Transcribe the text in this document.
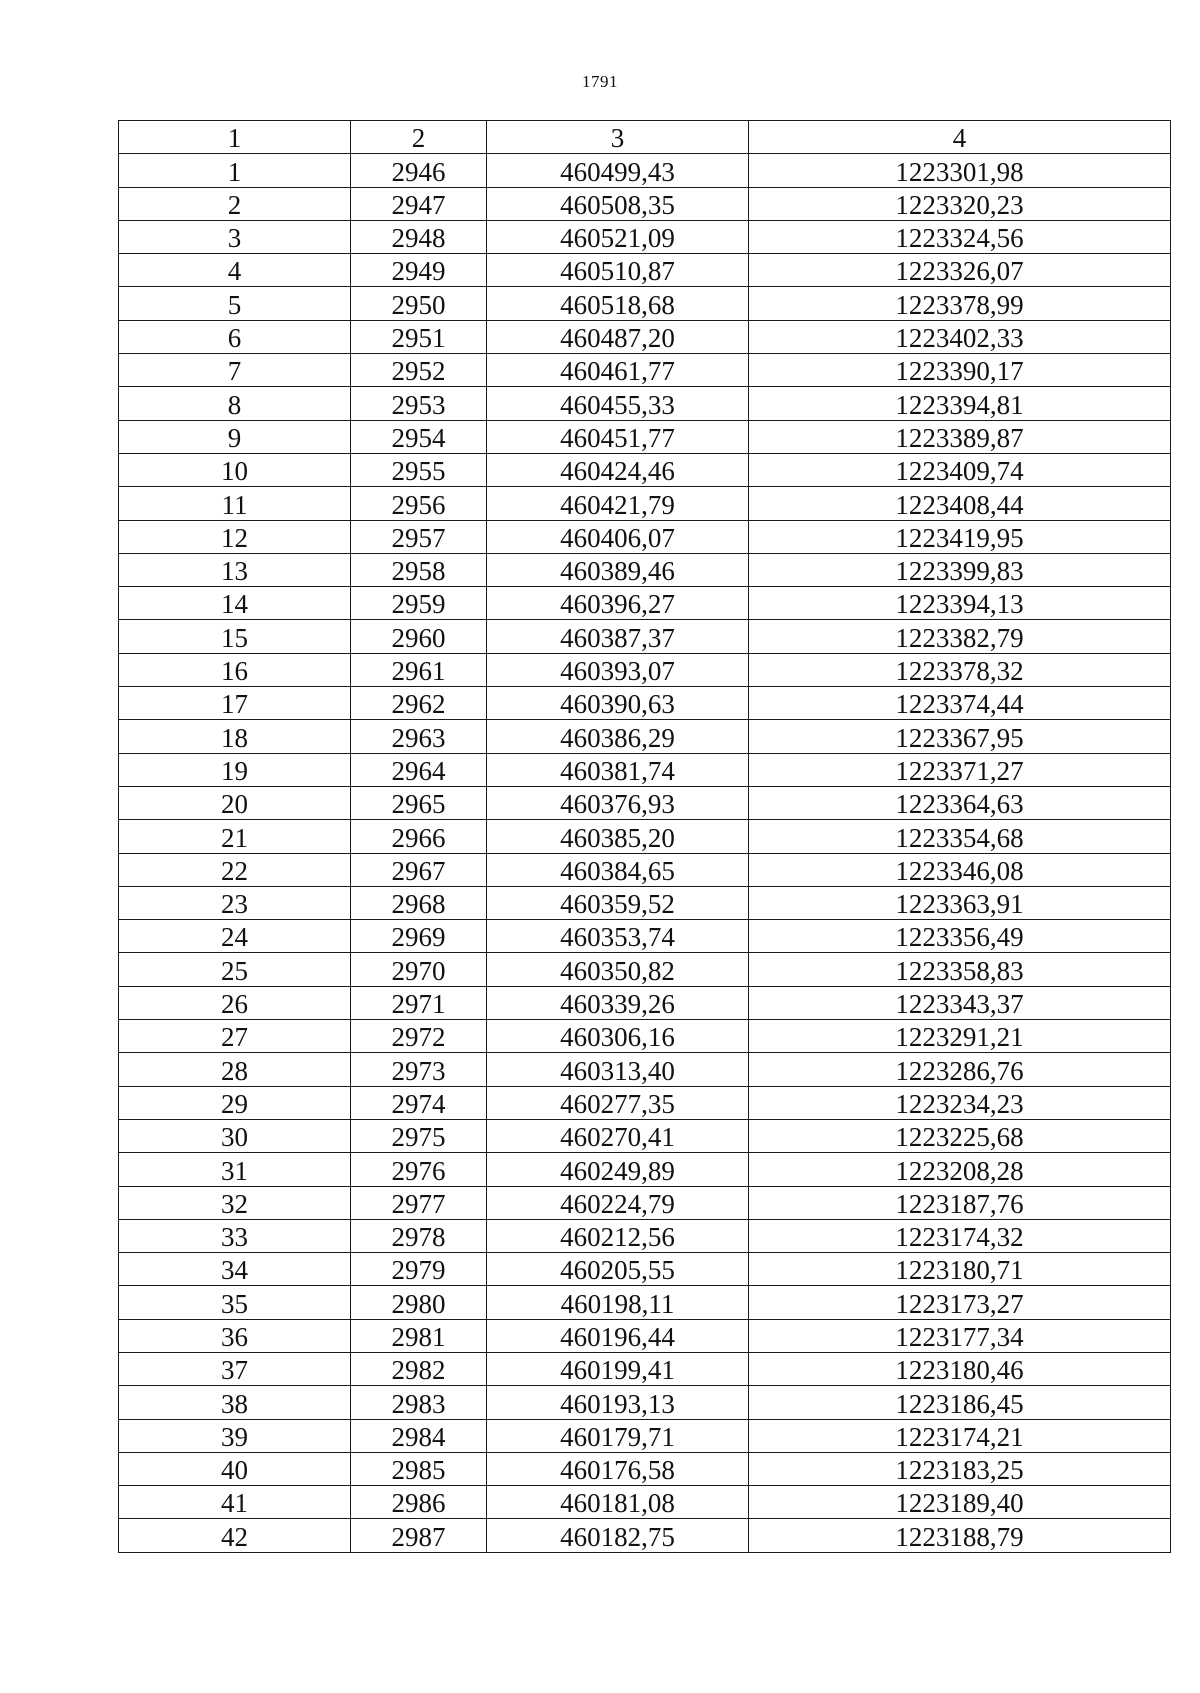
1791
1	2	3	4
1	2946	460499,43	1223301,98
2	2947	460508,35	1223320,23
3	2948	460521,09	1223324,56
4	2949	460510,87	1223326,07
5	2950	460518,68	1223378,99
6	2951	460487,20	1223402,33
7	2952	460461,77	1223390,17
8	2953	460455,33	1223394,81
9	2954	460451,77	1223389,87
10	2955	460424,46	1223409,74
11	2956	460421,79	1223408,44
12	2957	460406,07	1223419,95
13	2958	460389,46	1223399,83
14	2959	460396,27	1223394,13
15	2960	460387,37	1223382,79
16	2961	460393,07	1223378,32
17	2962	460390,63	1223374,44
18	2963	460386,29	1223367,95
19	2964	460381,74	1223371,27
20	2965	460376,93	1223364,63
21	2966	460385,20	1223354,68
22	2967	460384,65	1223346,08
23	2968	460359,52	1223363,91
24	2969	460353,74	1223356,49
25	2970	460350,82	1223358,83
26	2971	460339,26	1223343,37
27	2972	460306,16	1223291,21
28	2973	460313,40	1223286,76
29	2974	460277,35	1223234,23
30	2975	460270,41	1223225,68
31	2976	460249,89	1223208,28
32	2977	460224,79	1223187,76
33	2978	460212,56	1223174,32
34	2979	460205,55	1223180,71
35	2980	460198,11	1223173,27
36	2981	460196,44	1223177,34
37	2982	460199,41	1223180,46
38	2983	460193,13	1223186,45
39	2984	460179,71	1223174,21
40	2985	460176,58	1223183,25
41	2986	460181,08	1223189,40
42	2987	460182,75	1223188,79
